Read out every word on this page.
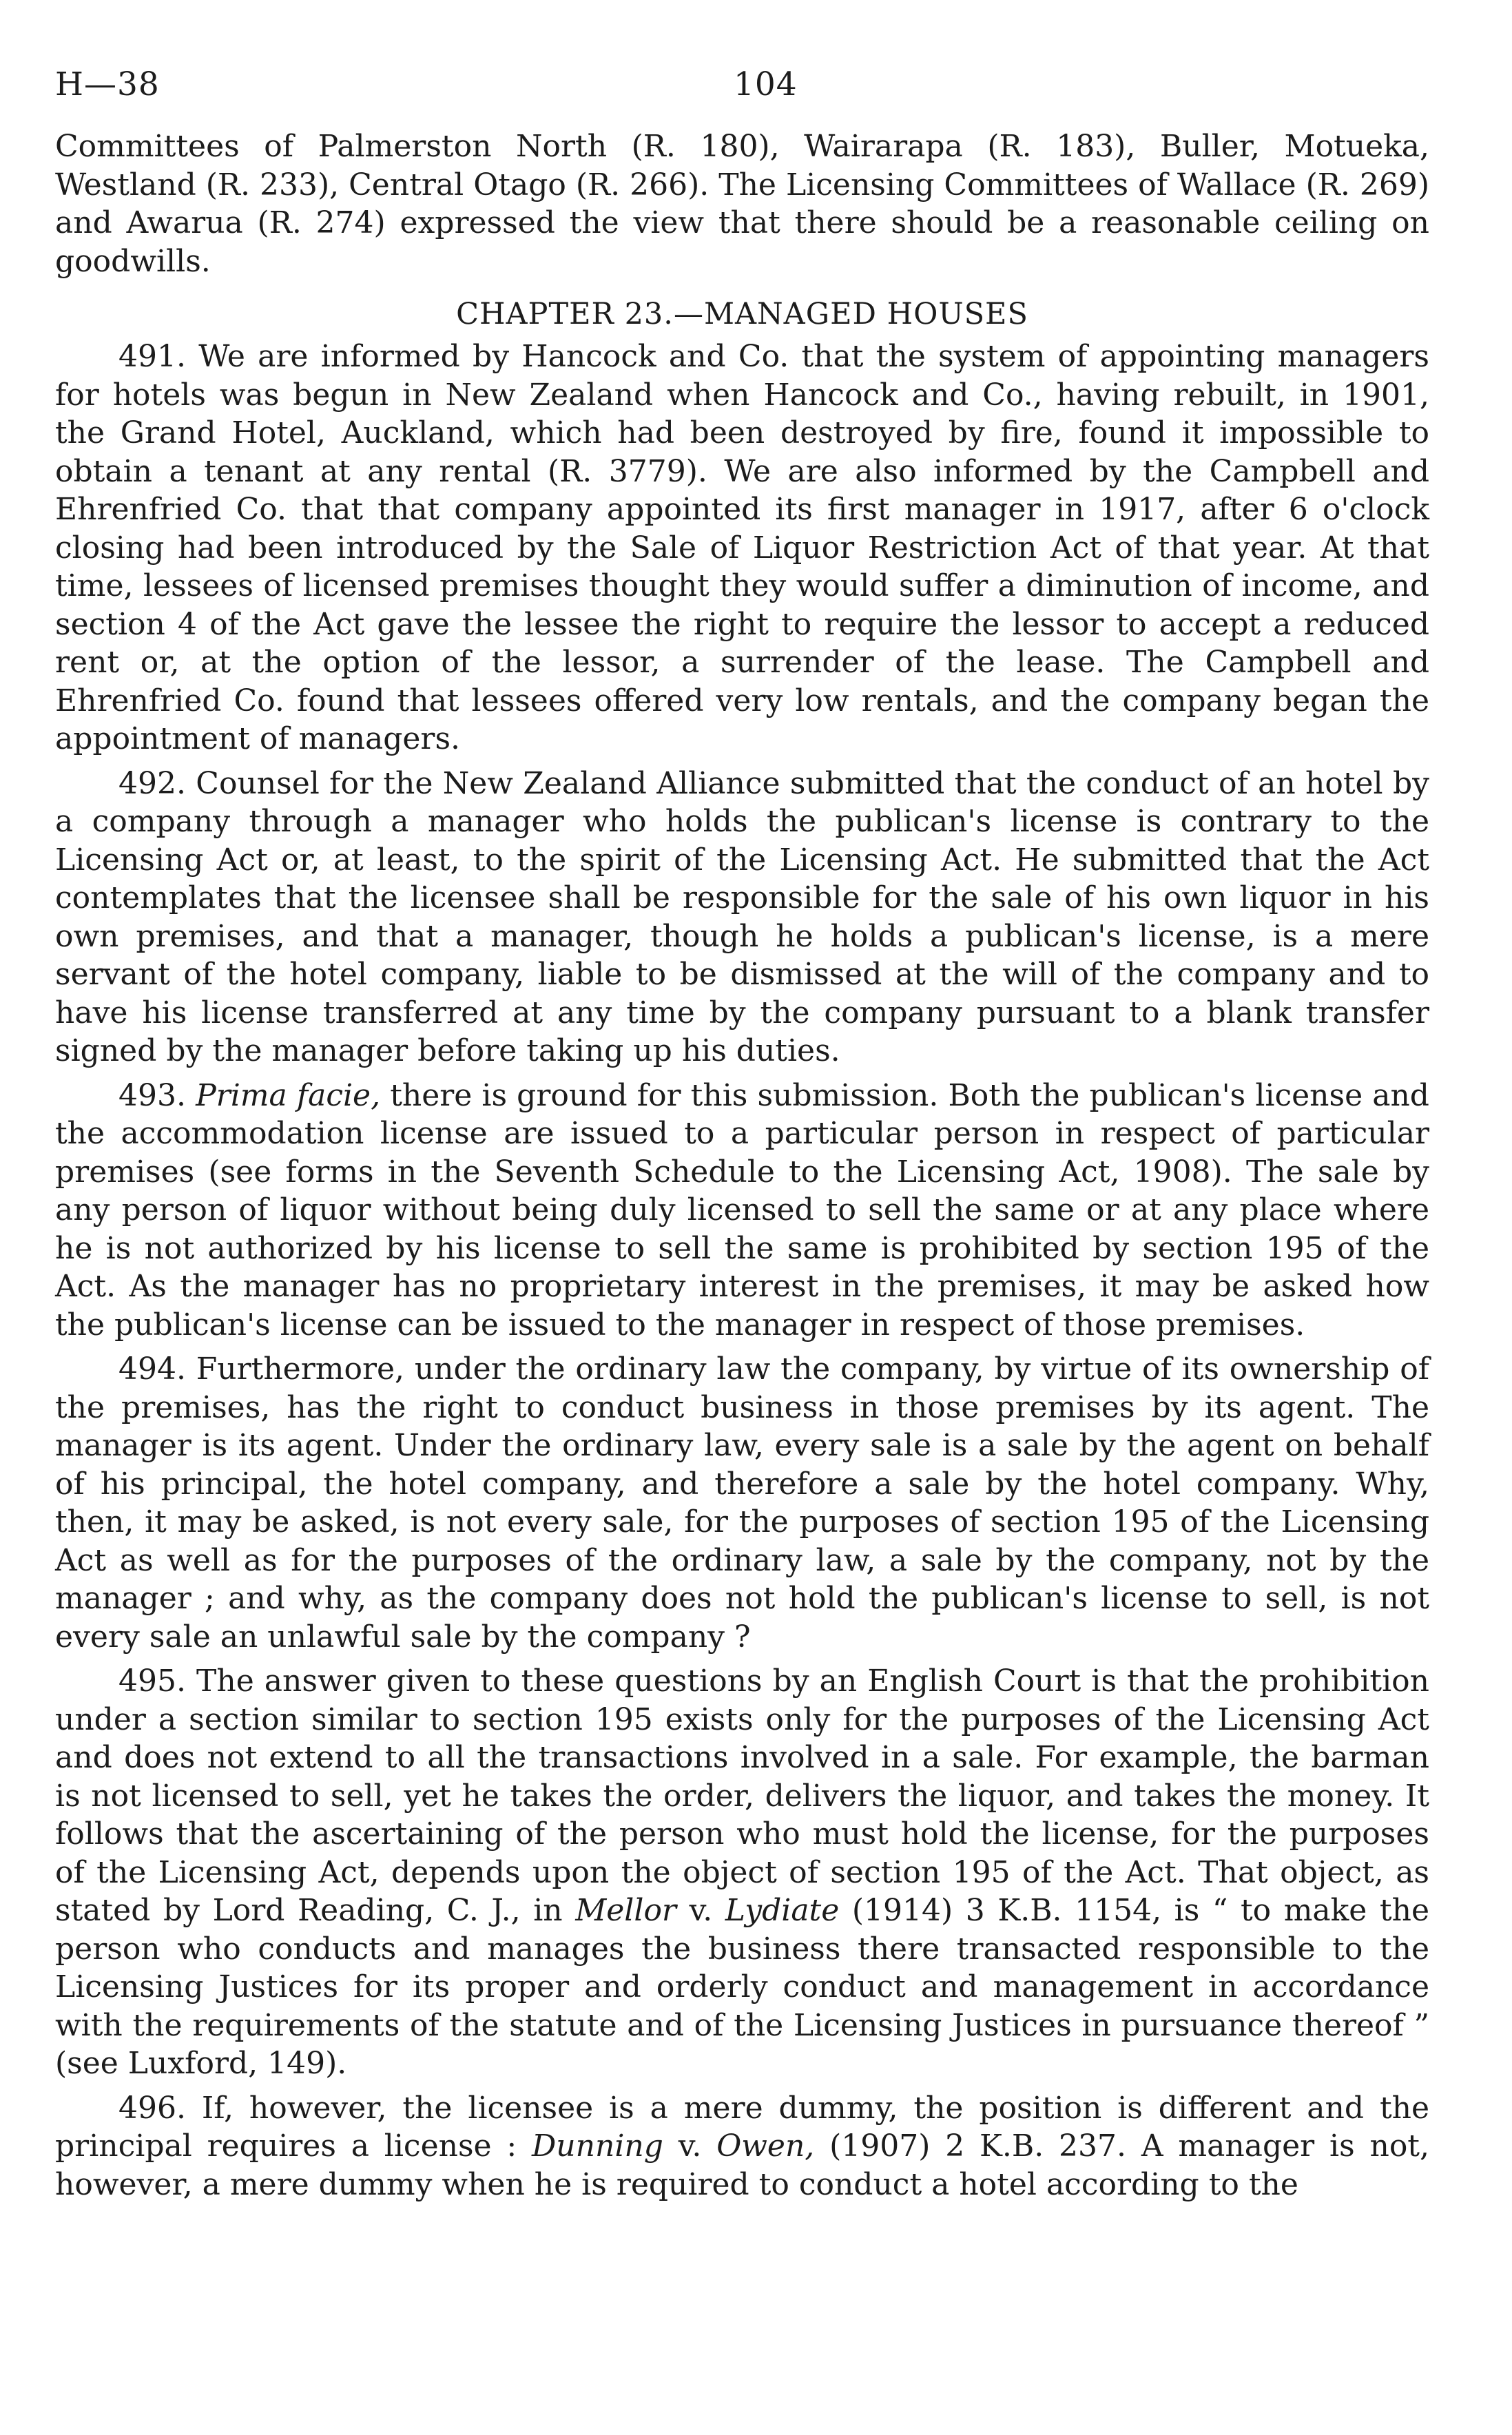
H—38	104

Committees of Palmerston North (R. 180), Wairarapa (R. 183), Buller, Motueka, Westland (R. 233), Central Otago (R. 266). The Licensing Committees of Wallace (R. 269) and Awarua (R. 274) expressed the view that there should be a reasonable ceiling on goodwills.

CHAPTER 23.—MANAGED HOUSES

491. We are informed by Hancock and Co. that the system of appointing managers for hotels was begun in New Zealand when Hancock and Co., having rebuilt, in 1901, the Grand Hotel, Auckland, which had been destroyed by fire, found it impossible to obtain a tenant at any rental (R. 3779). We are also informed by the Campbell and Ehrenfried Co. that that company appointed its first manager in 1917, after 6 o'clock closing had been introduced by the Sale of Liquor Restriction Act of that year. At that time, lessees of licensed premises thought they would suffer a diminution of income, and section 4 of the Act gave the lessee the right to require the lessor to accept a reduced rent or, at the option of the lessor, a surrender of the lease. The Campbell and Ehrenfried Co. found that lessees offered very low rentals, and the company began the appointment of managers.

492. Counsel for the New Zealand Alliance submitted that the conduct of an hotel by a company through a manager who holds the publican's license is contrary to the Licensing Act or, at least, to the spirit of the Licensing Act. He submitted that the Act contemplates that the licensee shall be responsible for the sale of his own liquor in his own premises, and that a manager, though he holds a publican's license, is a mere servant of the hotel company, liable to be dismissed at the will of the company and to have his license transferred at any time by the company pursuant to a blank transfer signed by the manager before taking up his duties.

493. Prima facie, there is ground for this submission. Both the publican's license and the accommodation license are issued to a particular person in respect of particular premises (see forms in the Seventh Schedule to the Licensing Act, 1908). The sale by any person of liquor without being duly licensed to sell the same or at any place where he is not authorized by his license to sell the same is prohibited by section 195 of the Act. As the manager has no proprietary interest in the premises, it may be asked how the publican's license can be issued to the manager in respect of those premises.

494. Furthermore, under the ordinary law the company, by virtue of its ownership of the premises, has the right to conduct business in those premises by its agent. The manager is its agent. Under the ordinary law, every sale is a sale by the agent on behalf of his principal, the hotel company, and therefore a sale by the hotel company. Why, then, it may be asked, is not every sale, for the purposes of section 195 of the Licensing Act as well as for the purposes of the ordinary law, a sale by the company, not by the manager ; and why, as the company does not hold the publican's license to sell, is not every sale an unlawful sale by the company ?

495. The answer given to these questions by an English Court is that the prohibition under a section similar to section 195 exists only for the purposes of the Licensing Act and does not extend to all the transactions involved in a sale. For example, the barman is not licensed to sell, yet he takes the order, delivers the liquor, and takes the money. It follows that the ascertaining of the person who must hold the license, for the purposes of the Licensing Act, depends upon the object of section 195 of the Act. That object, as stated by Lord Reading, C. J., in Mellor v. Lydiate (1914) 3 K.B. 1154, is “ to make the person who conducts and manages the business there transacted responsible to the Licensing Justices for its proper and orderly conduct and management in accordance with the requirements of the statute and of the Licensing Justices in pursuance thereof ” (see Luxford, 149).

496. If, however, the licensee is a mere dummy, the position is different and the principal requires a license : Dunning v. Owen, (1907) 2 K.B. 237. A manager is not, however, a mere dummy when he is required to conduct a hotel according to the
